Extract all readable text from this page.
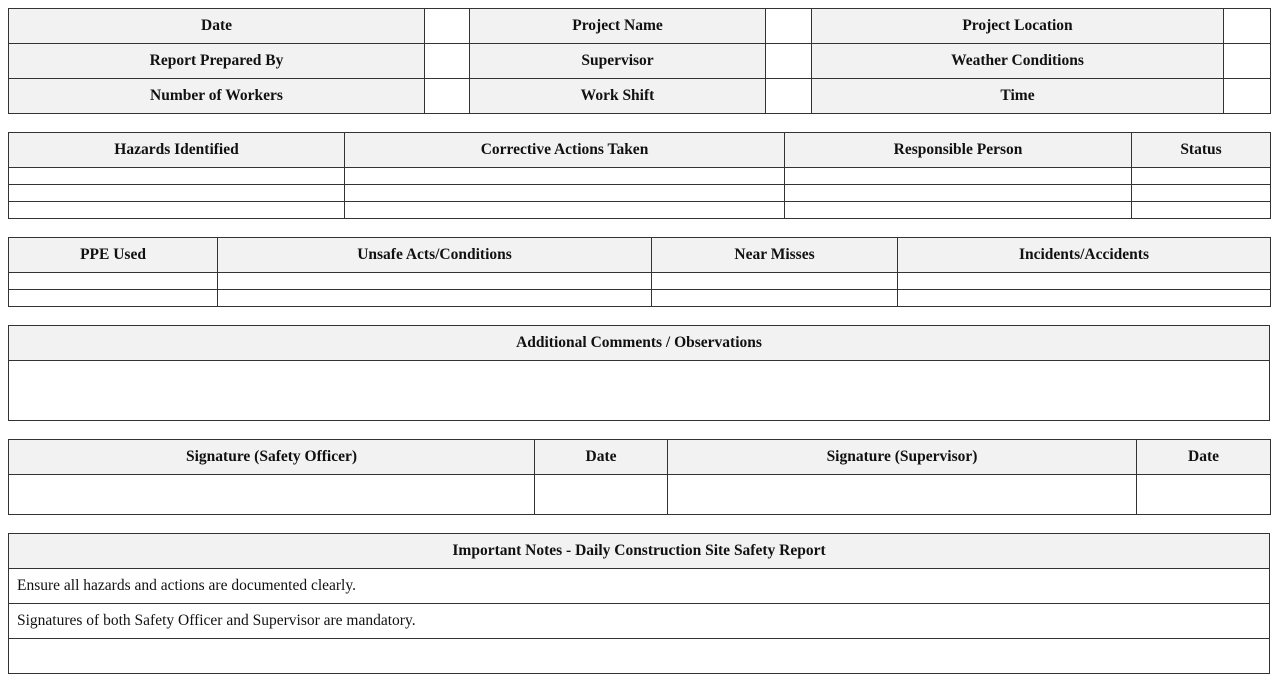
Date		Project Name		Project Location	
Report Prepared By		Supervisor		Weather Conditions	
Number of Workers		Work Shift		Time	
Hazards Identified	Corrective Actions Taken	Responsible Person	Status

PPE Used	Unsafe Acts/Conditions	Near Misses	Incidents/Accidents

Additional Comments / Observations

Signature (Safety Officer)	Date	Signature (Supervisor)	Date

Important Notes - Daily Construction Site Safety Report
Ensure all hazards and actions are documented clearly.
Signatures of both Safety Officer and Supervisor are mandatory.
